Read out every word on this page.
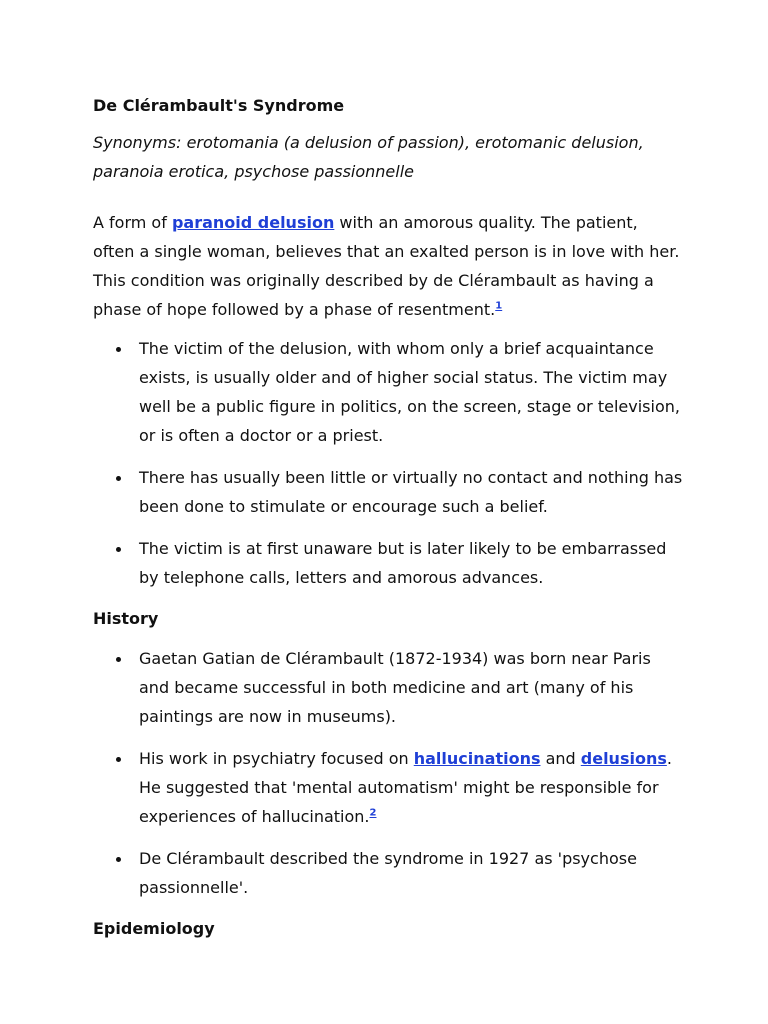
De Clérambault's Syndrome

Synonyms: erotomania (a delusion of passion), erotomanic delusion, paranoia erotica, psychose passionnelle

A form of paranoid delusion with an amorous quality. The patient, often a single woman, believes that an exalted person is in love with her. This condition was originally described by de Clérambault as having a phase of hope followed by a phase of resentment.$^1$

The victim of the delusion, with whom only a brief acquaintance exists, is usually older and of higher social status. The victim may well be a public figure in politics, on the screen, stage or television, or is often a doctor or a priest.
There has usually been little or virtually no contact and nothing has been done to stimulate or encourage such a belief.
The victim is at first unaware but is later likely to be embarrassed by telephone calls, letters and amorous advances.
History
Gaetan Gatian de Clérambault (1872-1934) was born near Paris and became successful in both medicine and art (many of his paintings are now in museums).
His work in psychiatry focused on hallucinations and delusions. He suggested that 'mental automatism' might be responsible for experiences of hallucination.$^2$
De Clérambault described the syndrome in 1927 as 'psychose passionnelle'.
Epidemiology
